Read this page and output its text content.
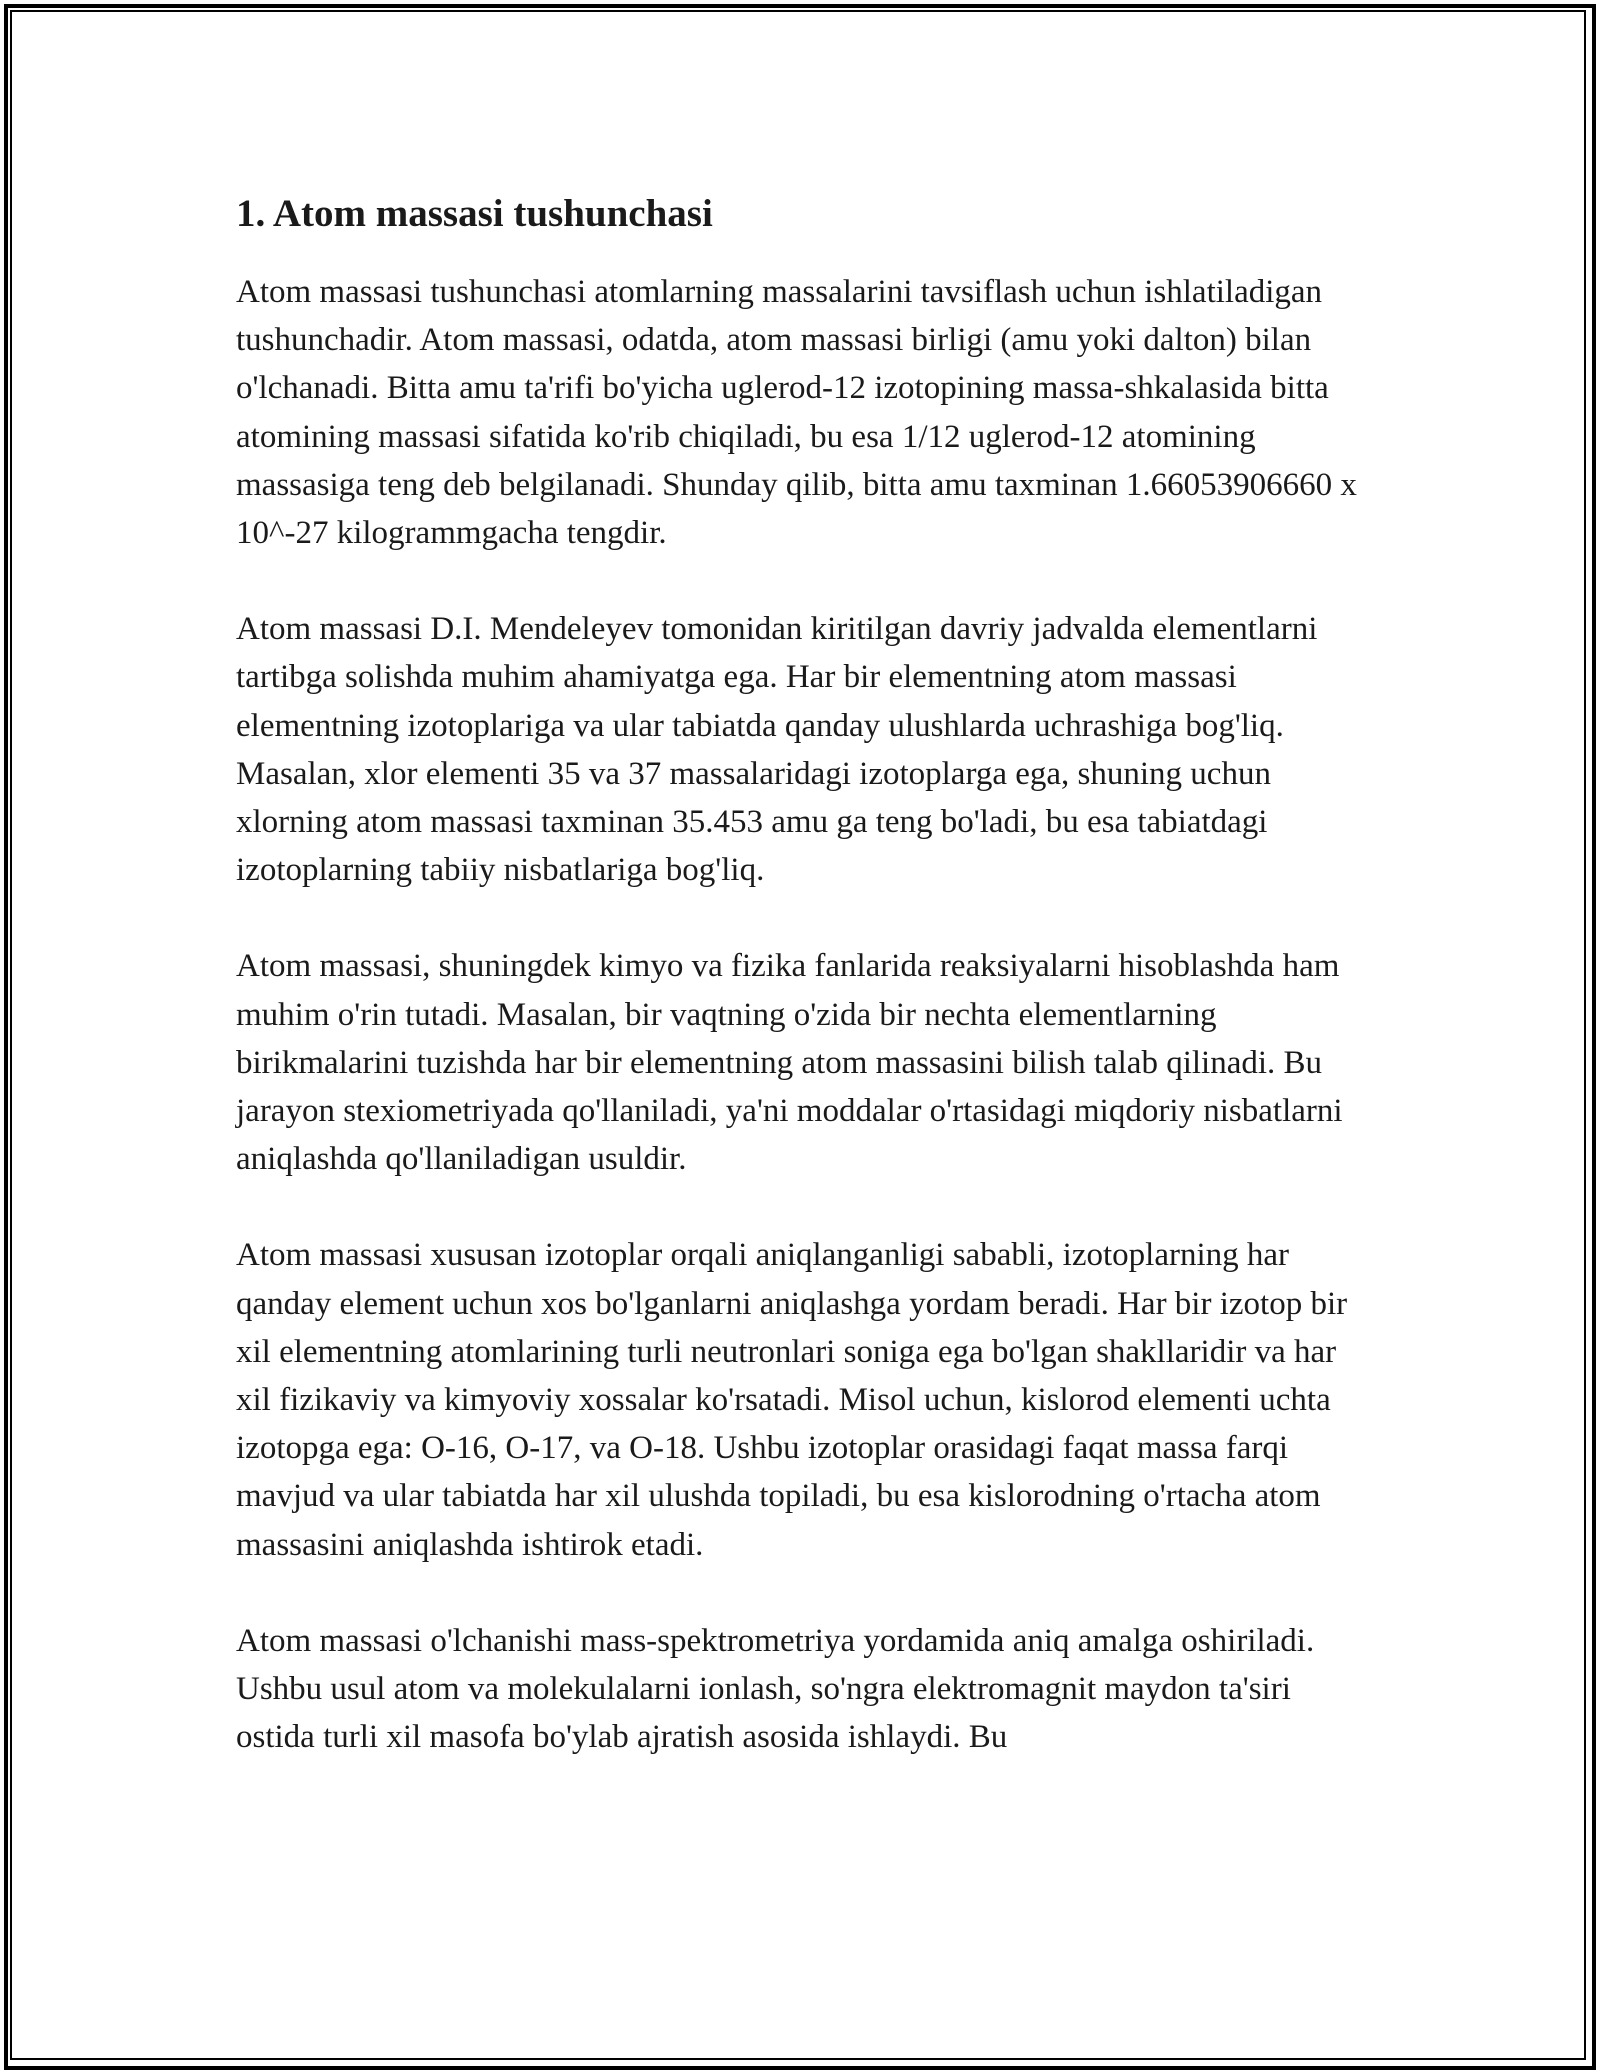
1. Atom massasi tushunchasi

Atom massasi tushunchasi atomlarning massalarini tavsiflash uchun ishlatiladigan tushunchadir. Atom massasi, odatda, atom massasi birligi (amu yoki dalton) bilan o'lchanadi. Bitta amu ta'rifi bo'yicha uglerod-12 izotopining massa-shkalasida bitta atomining massasi sifatida ko'rib chiqiladi, bu esa 1/12 uglerod-12 atomining massasiga teng deb belgilanadi. Shunday qilib, bitta amu taxminan 1.66053906660 x 10^-27 kilogrammgacha tengdir.

Atom massasi D.I. Mendeleyev tomonidan kiritilgan davriy jadvalda elementlarni tartibga solishda muhim ahamiyatga ega. Har bir elementning atom massasi elementning izotoplariga va ular tabiatda qanday ulushlarda uchrashiga bog'liq. Masalan, xlor elementi 35 va 37 massalaridagi izotoplarga ega, shuning uchun xlorning atom massasi taxminan 35.453 amu ga teng bo'ladi, bu esa tabiatdagi izotoplarning tabiiy nisbatlariga bog'liq.

Atom massasi, shuningdek kimyo va fizika fanlarida reaksiyalarni hisoblashda ham muhim o'rin tutadi. Masalan, bir vaqtning o'zida bir nechta elementlarning birikmalarini tuzishda har bir elementning atom massasini bilish talab qilinadi. Bu jarayon stexiometriyada qo'llaniladi, ya'ni moddalar o'rtasidagi miqdoriy nisbatlarni aniqlashda qo'llaniladigan usuldir.

Atom massasi xususan izotoplar orqali aniqlanganligi sababli, izotoplarning har qanday element uchun xos bo'lganlarni aniqlashga yordam beradi. Har bir izotop bir xil elementning atomlarining turli neutronlari soniga ega bo'lgan shakllaridir va har xil fizikaviy va kimyoviy xossalar ko'rsatadi. Misol uchun, kislorod elementi uchta izotopga ega: O-16, O-17, va O-18. Ushbu izotoplar orasidagi faqat massa farqi mavjud va ular tabiatda har xil ulushda topiladi, bu esa kislorodning o'rtacha atom massasini aniqlashda ishtirok etadi.

Atom massasi o'lchanishi mass-spektrometriya yordamida aniq amalga oshiriladi. Ushbu usul atom va molekulalarni ionlash, so'ngra elektromagnit maydon ta'siri ostida turli xil masofa bo'ylab ajratish asosida ishlaydi. Bu
